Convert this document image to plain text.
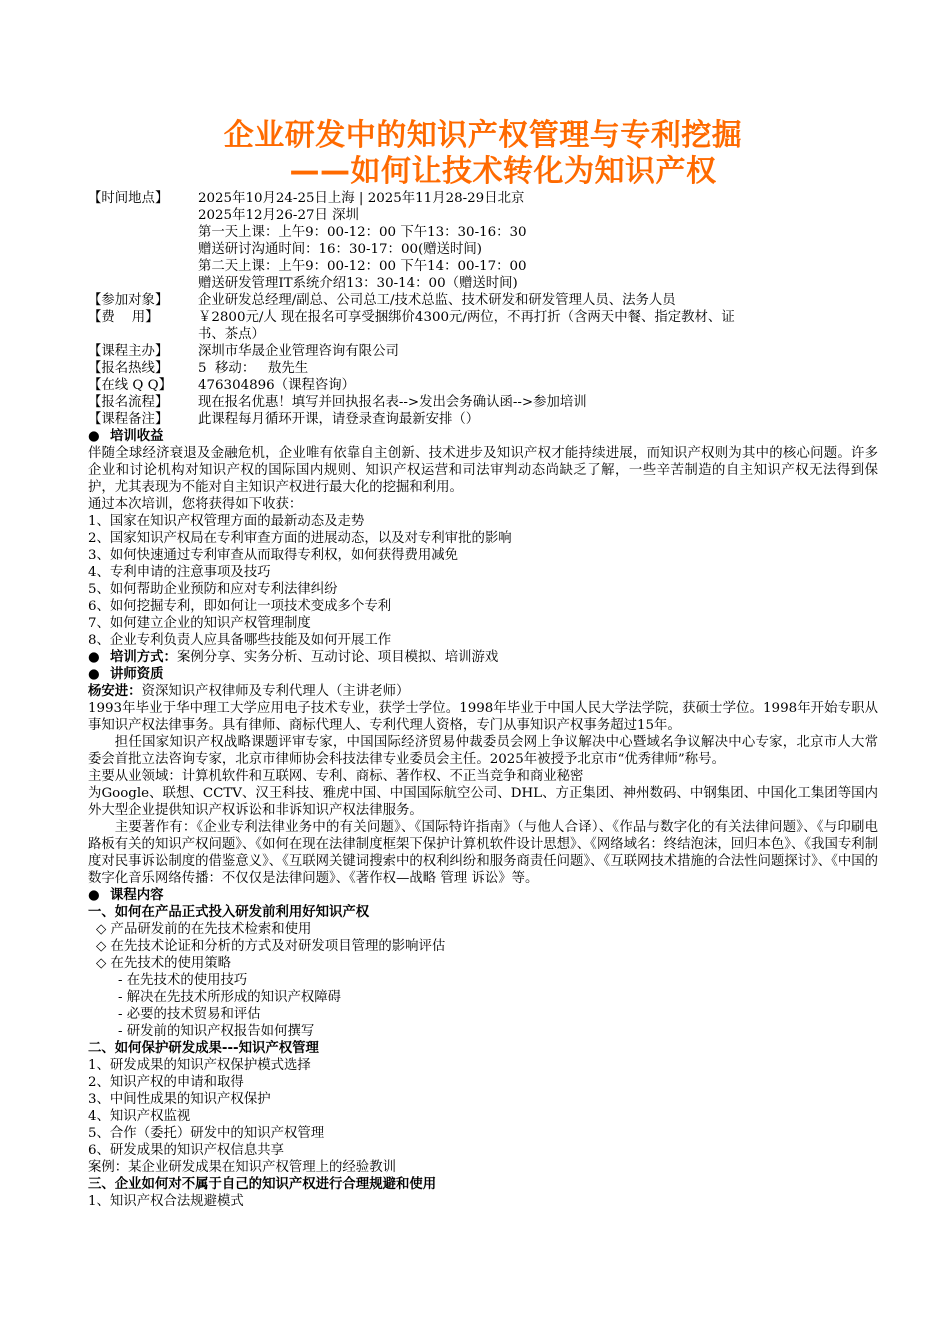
企业研发中的知识产权管理与专利挖掘
——如何让技术转化为知识产权
【时间地点】	2025年10月24-25日上海 | 2025年11月28-29日北京
2025年12月26-27日 深圳
第一天上课：上午9：00-12：00 下午13：30-16：30
赠送研讨沟通时间：16：30-17：00(赠送时间)
第二天上课：上午9：00-12：00 下午14：00-17：00
赠送研发管理IT系统介绍13：30-14：00（赠送时间)
【参加对象】	企业研发总经理/副总、公司总工/技术总监、技术研发和研发管理人员、法务人员
【费    用】	￥2800元/人 现在报名可享受捆绑价4300元/两位，不再打折（含两天中餐、指定教材、证
书、茶点）
【课程主办】	深圳市华晟企业管理咨询有限公司
【报名热线】	5  移动：   敖先生
【在线 Q Q】	476304896（课程咨询）
【报名流程】	现在报名优惠！填写并回执报名表-->发出会务确认函-->参加培训
【课程备注】	此课程每月循环开课，请登录查询最新安排（）
● 培训收益

伴随全球经济衰退及金融危机，企业唯有依靠自主创新、技术进步及知识产权才能持续进展，而知识产权则为其中的核心问题。许多企业和讨论机构对知识产权的国际国内规则、知识产权运营和司法审判动态尚缺乏了解，一些辛苦制造的自主知识产权无法得到保护，尤其表现为不能对自主知识产权进行最大化的挖掘和利用。

通过本次培训，您将获得如下收获：

1、国家在知识产权管理方面的最新动态及走势
2、国家知识产权局在专利审查方面的进展动态，以及对专利审批的影响
3、如何快速通过专利审查从而取得专利权，如何获得费用减免
4、专利申请的注意事项及技巧
5、如何帮助企业预防和应对专利法律纠纷
6、如何挖掘专利，即如何让一项技术变成多个专利
7、如何建立企业的知识产权管理制度
8、企业专利负责人应具备哪些技能及如何开展工作
● 培训方式：案例分享、实务分析、互动讨论、项目模拟、培训游戏
● 讲师资质
杨安进：资深知识产权律师及专利代理人（主讲老师）

1993年毕业于华中理工大学应用电子技术专业，获学士学位。1998年毕业于中国人民大学法学院，获硕士学位。1998年开始专职从事知识产权法律事务。具有律师、商标代理人、专利代理人资格，专门从事知识产权事务超过15年。

担任国家知识产权战略课题评审专家，中国国际经济贸易仲裁委员会网上争议解决中心暨域名争议解决中心专家，北京市人大常委会首批立法咨询专家，北京市律师协会科技法律专业委员会主任。2025年被授予北京市“优秀律师”称号。

主要从业领域：计算机软件和互联网、专利、商标、著作权、不正当竞争和商业秘密

为Google、联想、CCTV、汉王科技、雅虎中国、中国国际航空公司、DHL、方正集团、神州数码、中钢集团、中国化工集团等国内外大型企业提供知识产权诉讼和非诉知识产权法律服务。

主要著作有：《企业专利法律业务中的有关问题》、《国际特许指南》（与他人合译）、《作品与数字化的有关法律问题》、《与印刷电路板有关的知识产权问题》、《如何在现在法律制度框架下保护计算机软件设计思想》、《网络域名：终结泡沫，回归本色》、《我国专利制度对民事诉讼制度的借鉴意义》、《互联网关键词搜索中的权利纠纷和服务商责任问题》、《互联网技术措施的合法性问题探讨》、《中国的数字化音乐网络传播：不仅仅是法律问题》、《著作权—战略 管理 诉讼》等。

● 课程内容
一、如何在产品正式投入研发前利用好知识产权
◇ 产品研发前的在先技术检索和使用
◇ 在先技术论证和分析的方式及对研发项目管理的影响评估
◇ 在先技术的使用策略
- 在先技术的使用技巧
- 解决在先技术所形成的知识产权障碍
- 必要的技术贸易和评估
- 研发前的知识产权报告如何撰写
二、如何保护研发成果---知识产权管理
1、研发成果的知识产权保护模式选择
2、知识产权的申请和取得
3、中间性成果的知识产权保护
4、知识产权监视
5、合作（委托）研发中的知识产权管理
6、研发成果的知识产权信息共享
案例：某企业研发成果在知识产权管理上的经验教训
三、企业如何对不属于自己的知识产权进行合理规避和使用
1、知识产权合法规避模式
